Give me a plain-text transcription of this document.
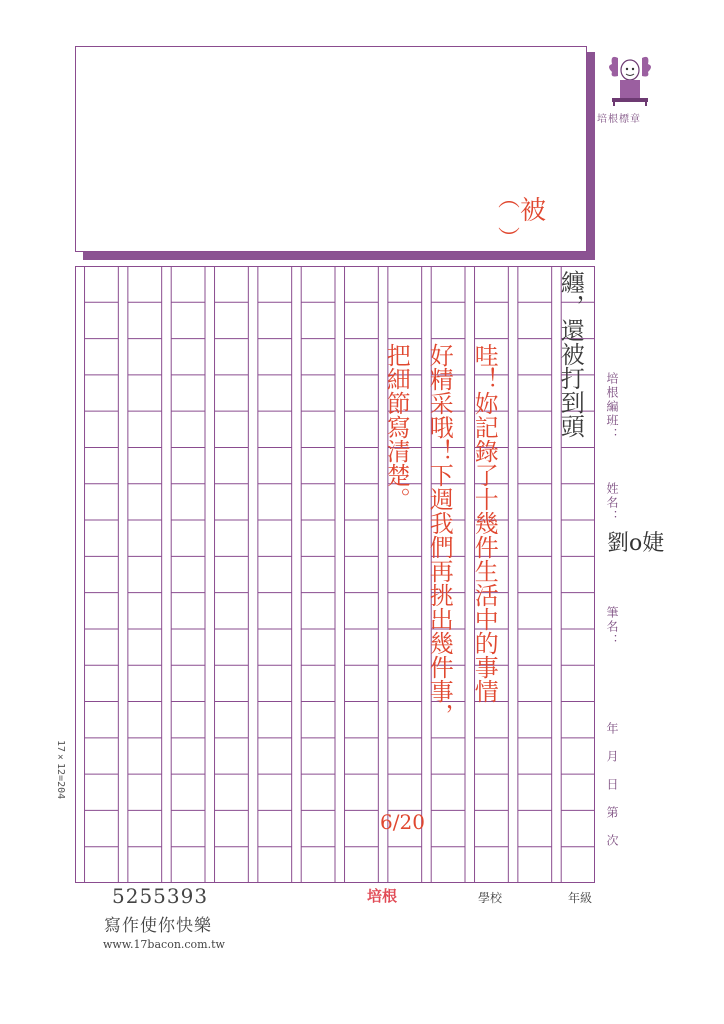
培根標章
︵
︶
被
纏，還被打到頭
哇！妳記錄了十幾件生活中的事情
好精采哦！下週我們再挑出幾件事，
把細節寫清楚。
6/20
培根編班：
姓名：
劉o婕
筆名：
年月日第次
17×12=204
5255393
寫作使你快樂
www.17bacon.com.tw
培根	學校	年級
